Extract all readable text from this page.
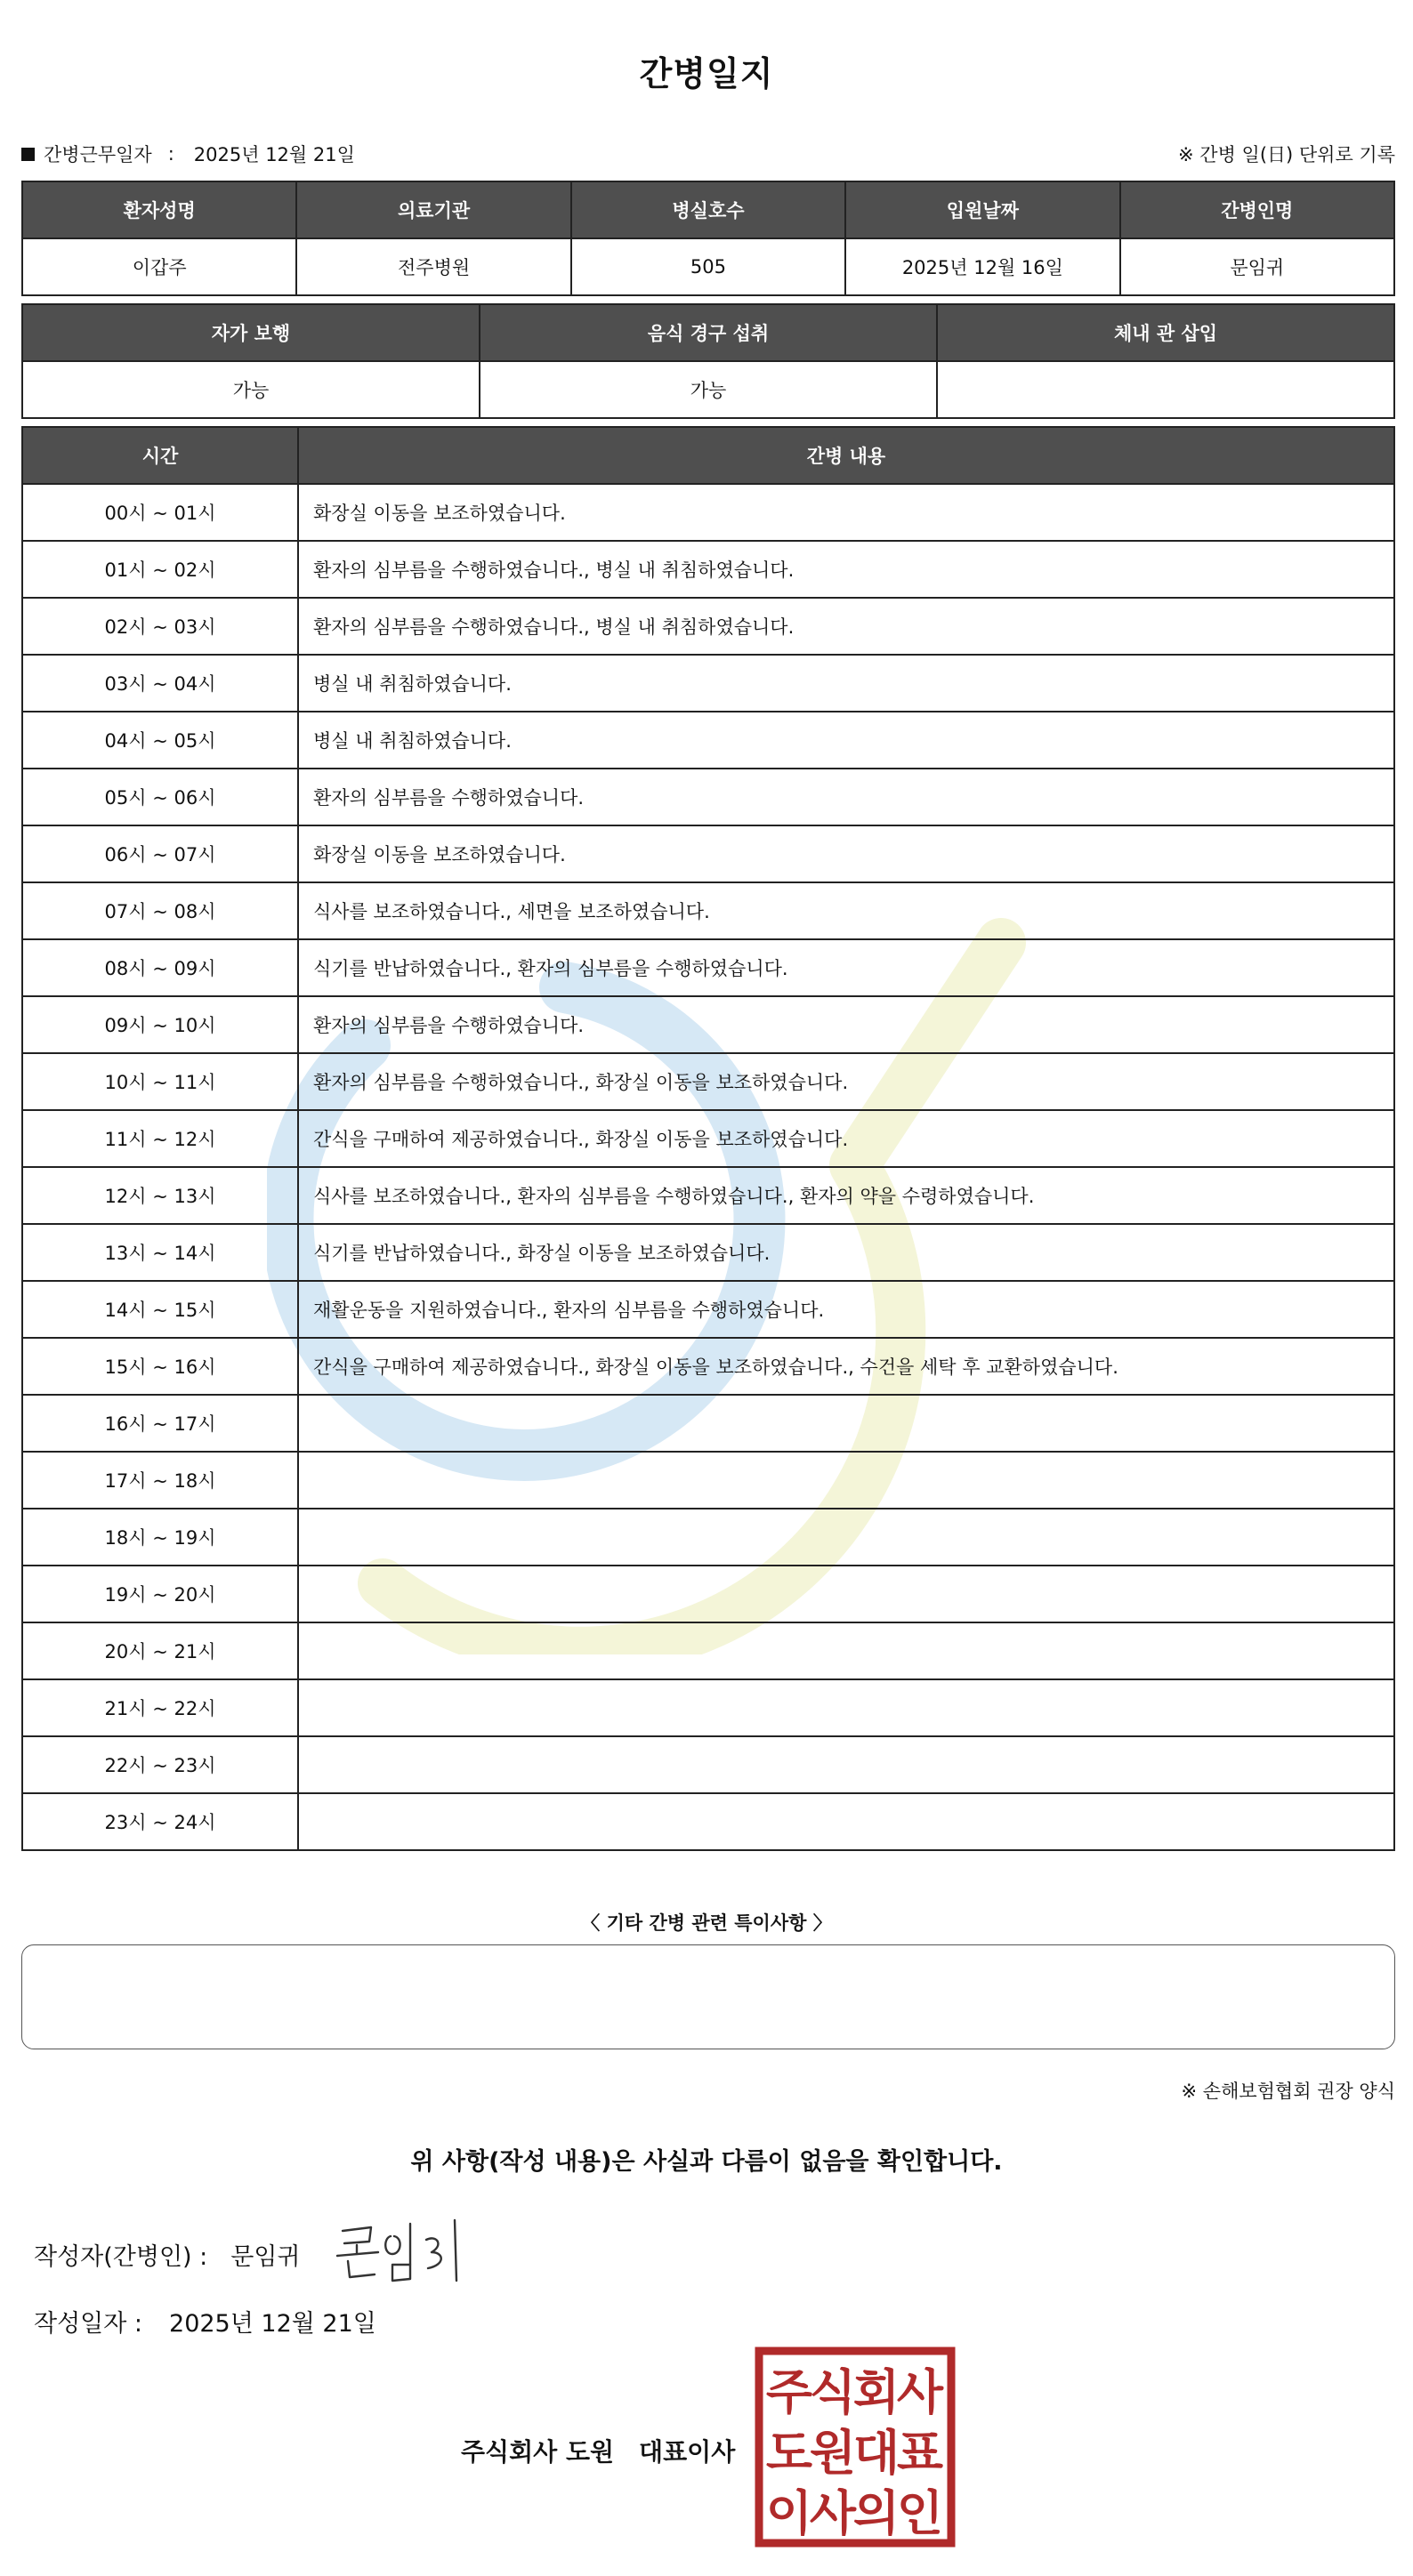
간병일지
간병근무일자 : 2025년 12월 21일	※ 간병 일(日) 단위로 기록
환자성명	의료기관	병실호수	입원날짜	간병인명
이갑주	전주병원	505	2025년 12월 16일	문임귀
자가 보행	음식 경구 섭취	체내 관 삽입
가능	가능	
시간	간병 내용
00시 ~ 01시	화장실 이동을 보조하였습니다.
01시 ~ 02시	환자의 심부름을 수행하였습니다., 병실 내 취침하였습니다.
02시 ~ 03시	환자의 심부름을 수행하였습니다., 병실 내 취침하였습니다.
03시 ~ 04시	병실 내 취침하였습니다.
04시 ~ 05시	병실 내 취침하였습니다.
05시 ~ 06시	환자의 심부름을 수행하였습니다.
06시 ~ 07시	화장실 이동을 보조하였습니다.
07시 ~ 08시	식사를 보조하였습니다., 세면을 보조하였습니다.
08시 ~ 09시	식기를 반납하였습니다., 환자의 심부름을 수행하였습니다.
09시 ~ 10시	환자의 심부름을 수행하였습니다.
10시 ~ 11시	환자의 심부름을 수행하였습니다., 화장실 이동을 보조하였습니다.
11시 ~ 12시	간식을 구매하여 제공하였습니다., 화장실 이동을 보조하였습니다.
12시 ~ 13시	식사를 보조하였습니다., 환자의 심부름을 수행하였습니다., 환자의 약을 수령하였습니다.
13시 ~ 14시	식기를 반납하였습니다., 화장실 이동을 보조하였습니다.
14시 ~ 15시	재활운동을 지원하였습니다., 환자의 심부름을 수행하였습니다.
15시 ~ 16시	간식을 구매하여 제공하였습니다., 화장실 이동을 보조하였습니다., 수건을 세탁 후 교환하였습니다.
16시 ~ 17시	
17시 ~ 18시	
18시 ~ 19시	
19시 ~ 20시	
20시 ~ 21시	
21시 ~ 22시	
22시 ~ 23시	
23시 ~ 24시	
〈 기타 간병 관련 특이사항 〉
※ 손해보험협회 권장 양식
위 사항(작성 내용)은 사실과 다름이 없음을 확인합니다.
작성자(간병인) : 문임귀
작성일자 : 2025년 12월 21일
주식회사 도원 대표이사
주
식
회
사
도
원
대
표
이
사
의
인
